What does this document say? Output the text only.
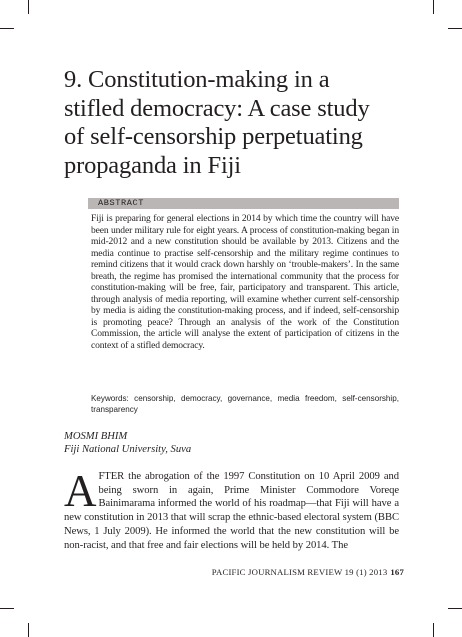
9. Constitution-making in a
stifled democracy: A case study
of self-censorship perpetuating
propaganda in Fiji
ABSTRACT

Fiji is preparing for general elections in 2014 by which time the country will have been under military rule for eight years. A process of constitution-making began in mid-2012 and a new constitution should be available by 2013. Citizens and the media continue to practise self-censorship and the military regime continues to remind citizens that it would crack down harshly on ‘trouble-makers’. In the same breath, the regime has promised the international community that the process for constitution-making will be free, fair, participatory and transparent. This article, through analysis of media reporting, will examine whether current self-censorship by media is aiding the constitution-making process, and if indeed, self-censorship is promoting peace? Through an analysis of the work of the Constitution Commission, the article will analyse the extent of participation of citizens in the context of a stifled democracy.

Keywords: censorship, democracy, governance, media freedom, self-censorship, transparency

MOSMI BHIM

Fiji National University, Suva

AFTER the abrogation of the 1997 Constitution on 10 April 2009 and being sworn in again, Prime Minister Commodore Voreqe Bainimarama informed the world of his roadmap—that Fiji will have a new constitution in 2013 that will scrap the ethnic-based electoral system (BBC News, 1 July 2009). He informed the world that the new constitution will be non-racist, and that free and fair elections will be held by 2014. The

PACIFIC JOURNALISM REVIEW 19 (1) 2013 167
